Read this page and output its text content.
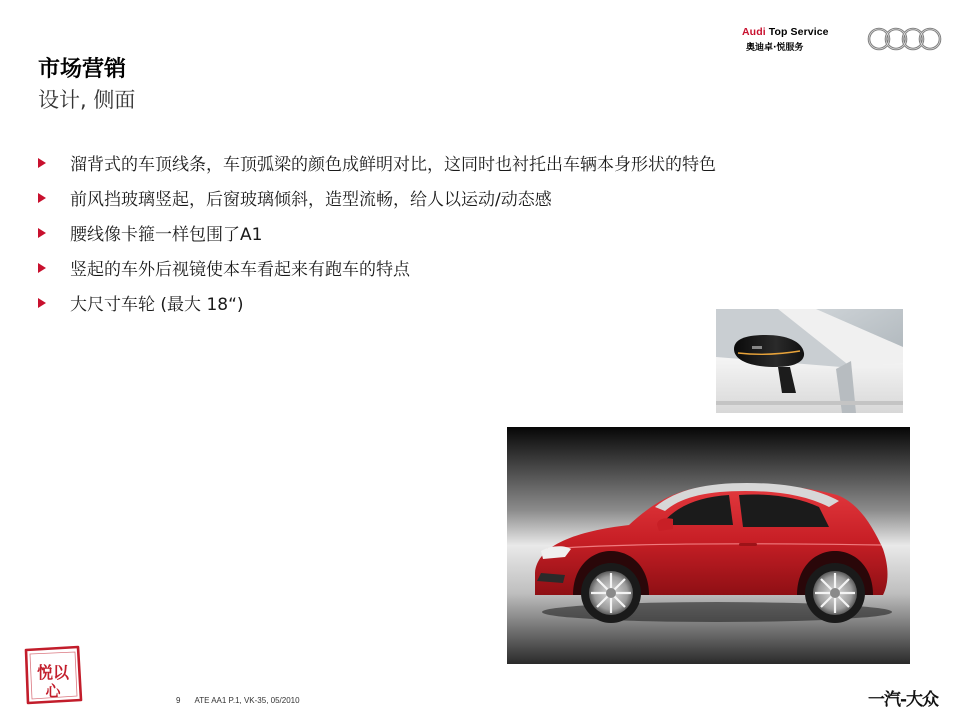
Audi Top Service
奥迪卓·悦服务
市场营销
设计, 侧面
溜背式的车顶线条，车顶弧梁的颜色成鲜明对比，这同时也衬托出车辆本身形状的特色
前风挡玻璃竖起，后窗玻璃倾斜，造型流畅，给人以运动/动态感
腰线像卡箍一样包围了A1
竖起的车外后视镜使本车看起来有跑车的特点
大尺寸车轮 (最大 18“)
悦以
心
9 ATE AA1 P.1, VK-35, 05/2010	一汽-大众
